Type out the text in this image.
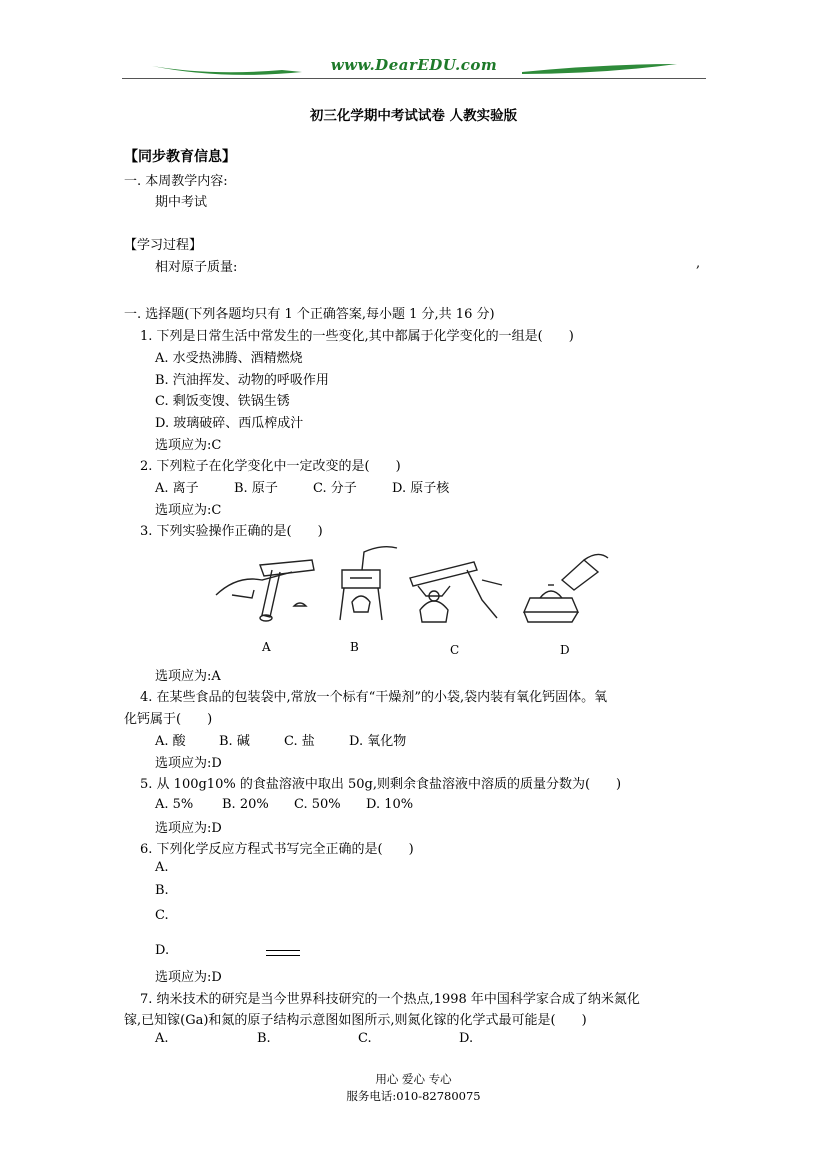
www.DearEDU.com
初三化学期中考试试卷 人教实验版
【同步教育信息】
一. 本周教学内容:
期中考试
【学习过程】
相对原子质量:	,
一. 选择题(下列各题均只有 1 个正确答案,每小题 1 分,共 16 分)
1. 下列是日常生活中常发生的一些变化,其中都属于化学变化的一组是(　　)
A. 水受热沸腾、酒精燃烧
B. 汽油挥发、动物的呼吸作用
C. 剩饭变馊、铁锅生锈
D. 玻璃破碎、西瓜榨成汁
选项应为:C
2. 下列粒子在化学变化中一定改变的是(　　)
A. 离子	B. 原子	C. 分子	D. 原子核
选项应为:C
3. 下列实验操作正确的是(　　)
A	B	C	D
选项应为:A
4. 在某些食品的包装袋中,常放一个标有“干燥剂”的小袋,袋内装有氧化钙固体。氧
化钙属于(　　)
A. 酸	B. 碱	C. 盐	D. 氧化物
选项应为:D
5. 从 100g10% 的食盐溶液中取出 50g,则剩余食盐溶液中溶质的质量分数为(　　)
A. 5% B. 20% C. 50% D. 10%
选项应为:D
6. 下列化学反应方程式书写完全正确的是(　　)
A.
B.
C.
D.
选项应为:D
7. 纳米技术的研究是当今世界科技研究的一个热点,1998 年中国科学家合成了纳米氮化
镓,已知镓(Ga)和氮的原子结构示意图如图所示,则氮化镓的化学式最可能是(　　)
A.	B.	C.	D.
用心 爱心 专心
服务电话:010-82780075
